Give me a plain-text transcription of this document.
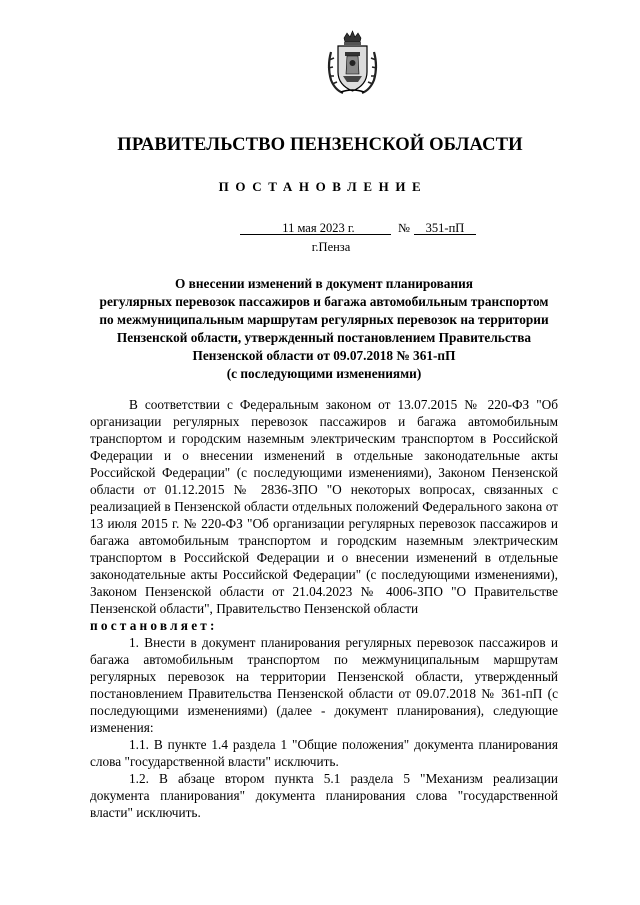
ПРАВИТЕЛЬСТВО ПЕНЗЕНСКОЙ ОБЛАСТИ
ПОСТАНОВЛЕНИЕ
11 мая 2023 г.	№	351-пП
г.Пенза
О внесении изменений в документ планирования
регулярных перевозок пассажиров и багажа автомобильным транспортом
по межмуниципальным маршрутам регулярных перевозок на территории
Пензенской области, утвержденный постановлением Правительства
Пензенской области от 09.07.2018 № 361-пП
(с последующими изменениями)

В соответствии с Федеральным законом от 13.07.2015 № 220-ФЗ "Об организации регулярных перевозок пассажиров и багажа автомобильным транспортом и городским наземным электрическим транспортом в Российской Федерации и о внесении изменений в отдельные законодательные акты Российской Федерации" (с последующими изменениями), Законом Пензенской области от 01.12.2015 № 2836-ЗПО "О некоторых вопросах, связанных с реализацией в Пензенской области отдельных положений Федерального закона от 13 июля 2015 г. № 220-ФЗ "Об организации регулярных перевозок пассажиров и багажа автомобильным транспортом и городским наземным электрическим транспортом в Российской Федерации и о внесении изменений в отдельные законодательные акты Российской Федерации" (с последующими изменениями), Законом Пензенской области от 21.04.2023 № 4006-ЗПО "О Правительстве Пензенской области", Правительство Пензенской области

постановляет:

1. Внести в документ планирования регулярных перевозок пассажиров и багажа автомобильным транспортом по межмуниципальным маршрутам регулярных перевозок на территории Пензенской области, утвержденный постановлением Правительства Пензенской области от 09.07.2018 № 361-пП (с последующими изменениями) (далее - документ планирования), следующие изменения:

1.1. В пункте 1.4 раздела 1 "Общие положения" документа планирования слова "государственной власти" исключить.

1.2. В абзаце втором пункта 5.1 раздела 5 "Механизм реализации документа планирования" документа планирования слова "государственной власти" исключить.
